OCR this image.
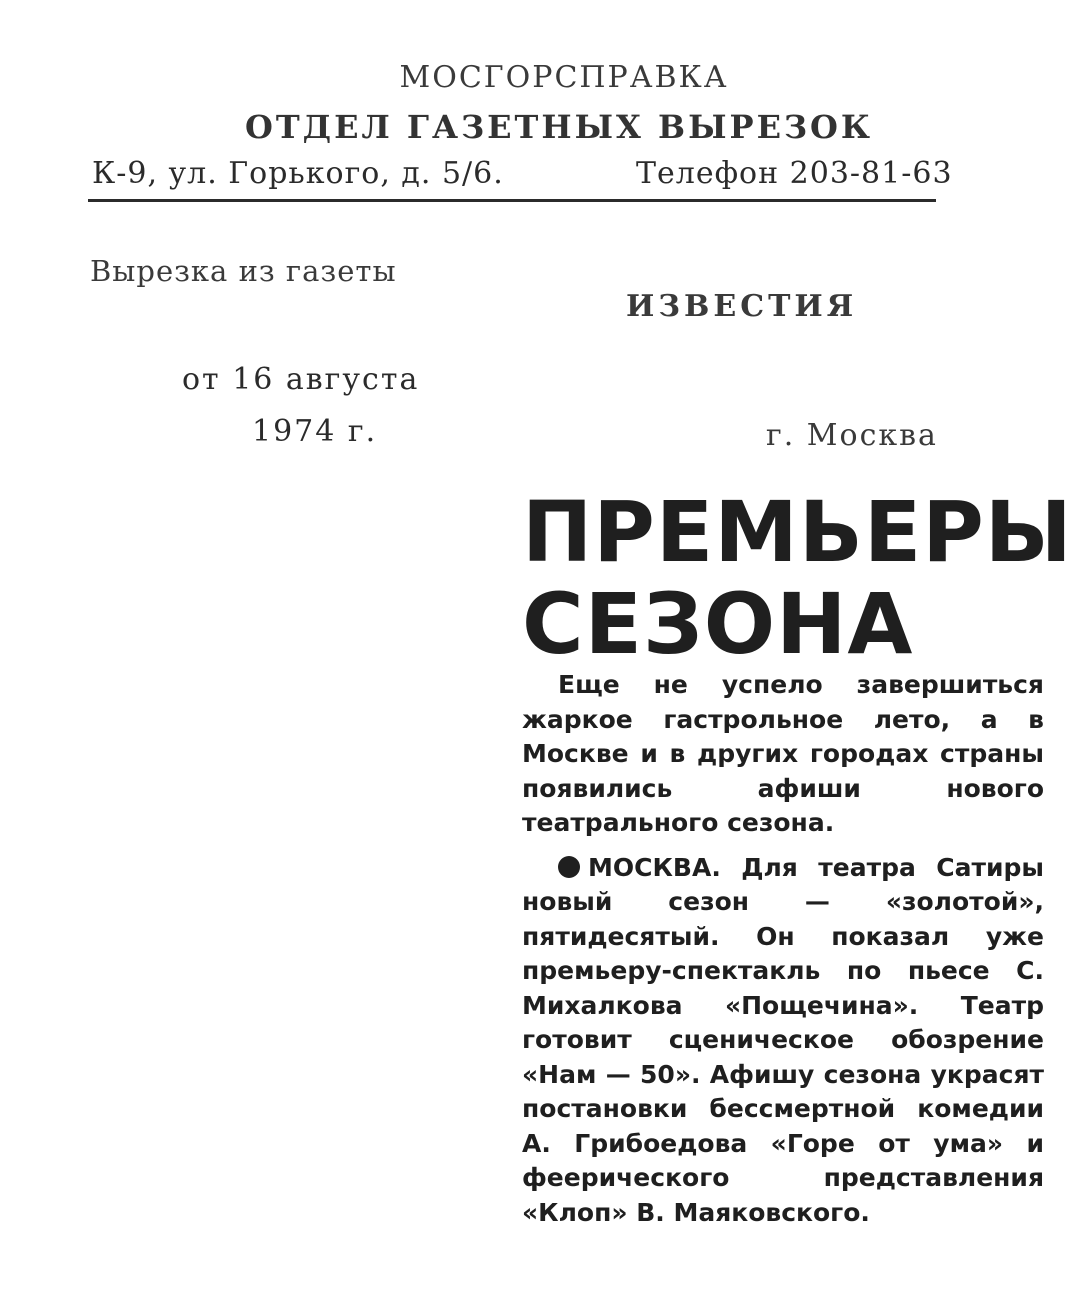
МОСГОРСПРАВКА
ОТДЕЛ ГАЗЕТНЫХ ВЫРЕЗОК
К-9, ул. Горького, д. 5/6.	Телефон 203-81-63
Вырезка из газеты
ИЗВЕСТИЯ
от 16 августа
1974 г.	г. Москва
ПРЕМЬЕРЫ
СЕЗОНА

Еще не успело завершиться жаркое гастрольное лето, а в Москве и в других городах страны появились афиши нового театрального сезона.

МОСКВА. Для театра Сатиры новый сезон — «золотой», пятидесятый. Он показал уже премьеру-спектакль по пьесе С. Михалкова «Пощечина». Театр готовит сценическое обозрение «Нам — 50». Афишу сезона украсят постановки бессмертной комедии А. Грибоедова «Горе от ума» и феерического представления «Клоп» В. Маяковского.
